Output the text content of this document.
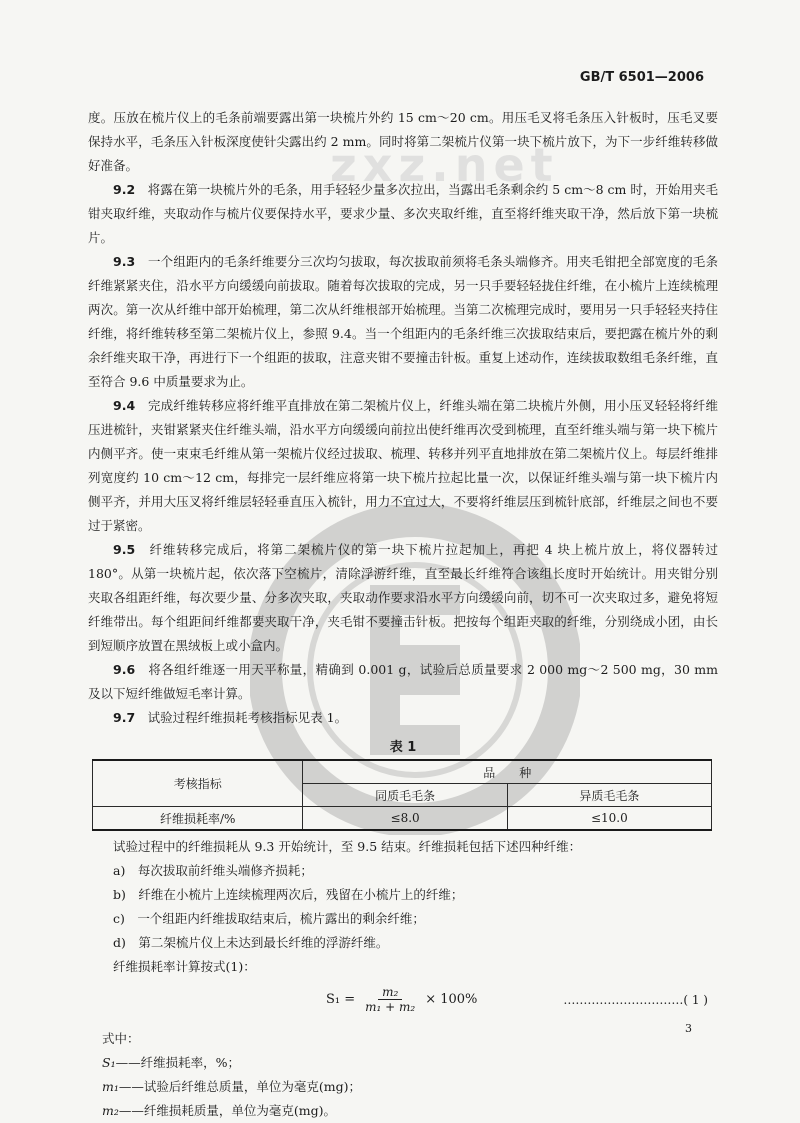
GB/T 6501—2006
zxz.net

度。压放在梳片仪上的毛条前端要露出第一块梳片外约 15 cm～20 cm。用压毛叉将毛条压入针板时，压毛叉要保持水平，毛条压入针板深度使针尖露出约 2 mm。同时将第二架梳片仪第一块下梳片放下，为下一步纤维转移做好准备。

9.2　 将露在第一块梳片外的毛条，用手轻轻少量多次拉出，当露出毛条剩余约 5 cm～8 cm 时，开始用夹毛钳夹取纤维，夹取动作与梳片仪要保持水平，要求少量、多次夹取纤维，直至将纤维夹取干净，然后放下第一块梳片。

9.3　 一个组距内的毛条纤维要分三次均匀拔取，每次拔取前须将毛条头端修齐。用夹毛钳把全部宽度的毛条纤维紧紧夹住，沿水平方向缓缓向前拔取。随着每次拔取的完成，另一只手要轻轻拢住纤维，在小梳片上连续梳理两次。第一次从纤维中部开始梳理，第二次从纤维根部开始梳理。当第二次梳理完成时，要用另一只手轻轻夹持住纤维，将纤维转移至第二架梳片仪上，参照 9.4。当一个组距内的毛条纤维三次拔取结束后，要把露在梳片外的剩余纤维夹取干净，再进行下一个组距的拔取，注意夹钳不要撞击针板。重复上述动作，连续拔取数组毛条纤维，直至符合 9.6 中质量要求为止。

9.4　 完成纤维转移应将纤维平直排放在第二架梳片仪上，纤维头端在第二块梳片外侧，用小压叉轻轻将纤维压进梳针，夹钳紧紧夹住纤维头端，沿水平方向缓缓向前拉出使纤维再次受到梳理，直至纤维头端与第一块下梳片内侧平齐。使一束束毛纤维从第一架梳片仪经过拔取、梳理、转移并列平直地排放在第二架梳片仪上。每层纤维排列宽度约 10 cm～12 cm，每排完一层纤维应将第一块下梳片拉起比量一次，以保证纤维头端与第一块下梳片内侧平齐，并用大压叉将纤维层轻轻垂直压入梳针，用力不宜过大，不要将纤维层压到梳针底部，纤维层之间也不要过于紧密。

9.5　 纤维转移完成后，将第二架梳片仪的第一块下梳片拉起加上，再把 4 块上梳片放上，将仪器转过 180°。从第一块梳片起，依次落下空梳片，清除浮游纤维，直至最长纤维符合该组长度时开始统计。用夹钳分别夹取各组距纤维，每次要少量、分多次夹取，夹取动作要求沿水平方向缓缓向前，切不可一次夹取过多，避免将短纤维带出。每个组距间纤维都要夹取干净，夹毛钳不要撞击针板。把按每个组距夹取的纤维，分别绕成小团，由长到短顺序放置在黑绒板上或小盒内。

9.6　 将各组纤维逐一用天平称量，精确到 0.001 g，试验后总质量要求 2 000 mg～2 500 mg，30 mm 及以下短纤维做短毛率计算。

9.7　 试验过程纤维损耗考核指标见表 1。

表 1
考核指标	品　　种	
	同质毛毛条	异质毛毛条
纤维损耗率/%	≤8.0	≤10.0

试验过程中的纤维损耗从 9.3 开始统计，至 9.5 结束。纤维损耗包括下述四种纤维：

a)　 每次拔取前纤维头端修齐损耗；

b)　 纤维在小梳片上连续梳理两次后，残留在小梳片上的纤维；

c)　 一个组距内纤维拔取结束后，梳片露出的剩余纤维；

d)　 第二架梳片仪上未达到最长纤维的浮游纤维。

纤维损耗率计算按式(1)：

$S_1 = \frac{\text{m₂}}{\text{m₁ + m₂}} \times 100\%$	…………………………( 1 )

式中：

S₁——纤维损耗率，%；

m₁——试验后纤维总质量，单位为毫克(mg)；

m₂——纤维损耗质量，单位为毫克(mg)。

3
